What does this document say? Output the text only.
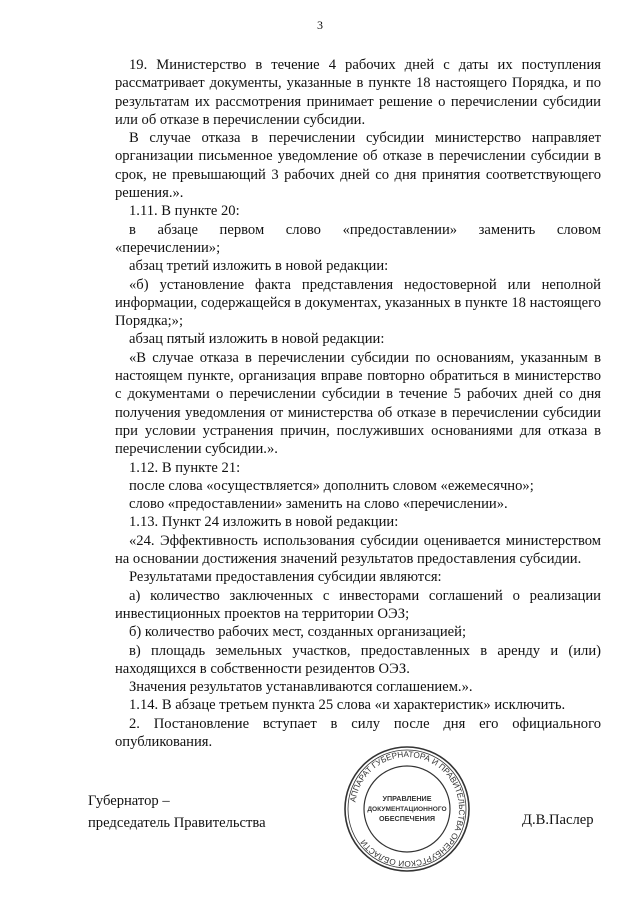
3

19. Министерство в течение 4 рабочих дней с даты их поступления рассматривает документы, указанные в пункте 18 настоящего Порядка, и по результатам их рассмотрения принимает решение о перечислении субсидии или об отказе в перечислении субсидии.

В случае отказа в перечислении субсидии министерство направляет организации письменное уведомление об отказе в перечислении субсидии в срок, не превышающий 3 рабочих дней со дня принятия соответствующего решения.».

1.11. В пункте 20:

в абзаце первом слово «предоставлении» заменить словом «перечислении»;

абзац третий изложить в новой редакции:

«б) установление факта представления недостоверной или неполной информации, содержащейся в документах, указанных в пункте 18 настоящего Порядка;»;

абзац пятый изложить в новой редакции:

«В случае отказа в перечислении субсидии по основаниям, указанным в настоящем пункте, организация вправе повторно обратиться в министерство с документами о перечислении субсидии в течение 5 рабочих дней со дня получения уведомления от министерства об отказе в перечислении субсидии при условии устранения причин, послуживших основаниями для отказа в перечислении субсидии.».

1.12. В пункте 21:

после слова «осуществляется» дополнить словом «ежемесячно»;

слово «предоставлении» заменить на слово «перечислении».

1.13. Пункт 24 изложить в новой редакции:

«24. Эффективность использования субсидии оценивается министерством на основании достижения значений результатов предоставления субсидии.

Результатами предоставления субсидии являются:

а) количество заключенных с инвесторами соглашений о реализации инвестиционных проектов на территории ОЭЗ;

б) количество рабочих мест, созданных организацией;

в) площадь земельных участков, предоставленных в аренду и (или) находящихся в собственности резидентов ОЭЗ.

Значения результатов устанавливаются соглашением.».

1.14. В абзаце третьем пункта 25 слова «и характеристик» исключить.

2. Постановление вступает в силу после дня его официального опубликования.

Губернатор –
председатель Правительства	Д.В.Паслер
АППАРАТ ГУБЕРНАТОРА И ПРАВИТЕЛЬСТВА ОРЕНБУРГСКОЙ ОБЛАСТИ
УПРАВЛЕНИЕ
ДОКУМЕНТАЦИОННОГО
ОБЕСПЕЧЕНИЯ
